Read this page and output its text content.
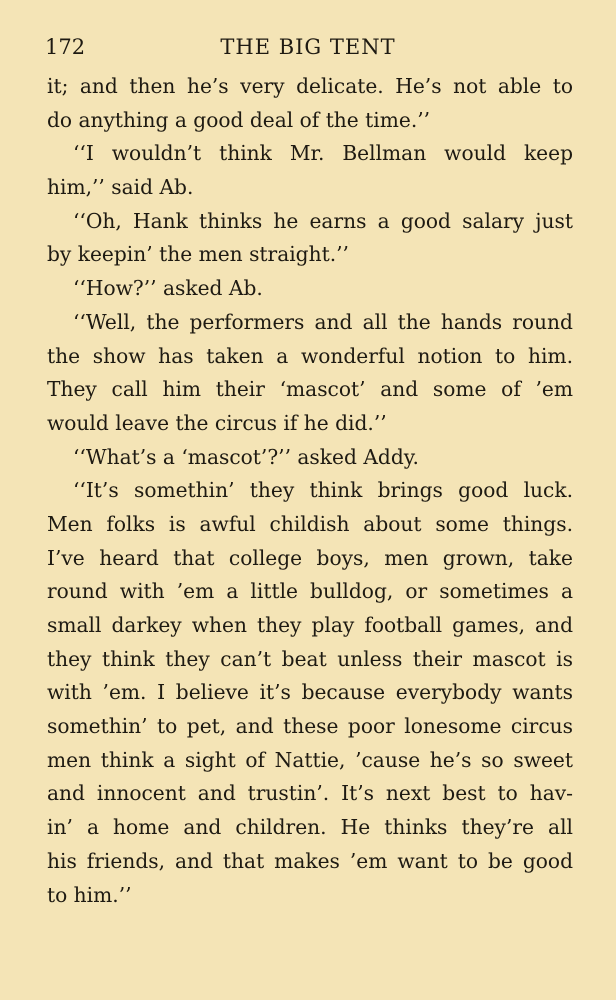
172	THE BIG TENT
it; and then he’s very delicate. He’s not able to
do anything a good deal of the time.’’
‘‘I wouldn’t think Mr. Bellman would keep
him,’’ said Ab.
‘‘Oh, Hank thinks he earns a good salary just
by keepin’ the men straight.’’
‘‘How?’’ asked Ab.
‘‘Well, the performers and all the hands round
the show has taken a wonderful notion to him.
They call him their ‘mascot’ and some of ’em
would leave the circus if he did.’’
‘‘What’s a ‘mascot’?’’ asked Addy.
‘‘It’s somethin’ they think brings good luck.
Men folks is awful childish about some things.
I’ve heard that college boys, men grown, take
round with ’em a little bulldog, or sometimes a
small darkey when they play football games, and
they think they can’t beat unless their mascot is
with ’em. I believe it’s because everybody wants
somethin’ to pet, and these poor lonesome circus
men think a sight of Nattie, ’cause he’s so sweet
and innocent and trustin’. It’s next best to hav-
in’ a home and children. He thinks they’re all
his friends, and that makes ’em want to be good
to him.’’
